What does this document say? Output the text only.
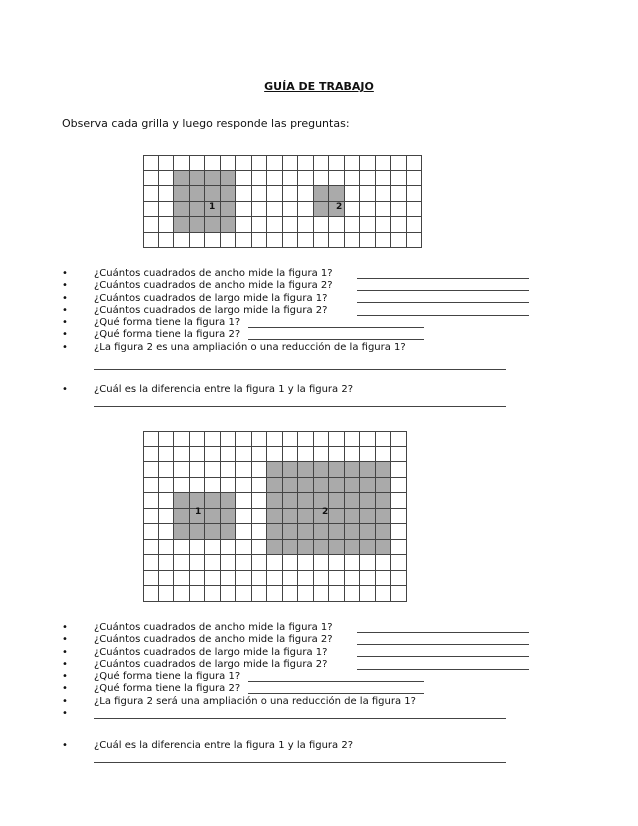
GUÍA DE TRABAJO
Observa cada grilla y luego responde las preguntas:
1	2
• ¿Cuántos cuadrados de ancho mide la figura 1?
• ¿Cuántos cuadrados de ancho mide la figura 2?
• ¿Cuántos cuadrados de largo mide la figura 1?
• ¿Cuántos cuadrados de largo mide la figura 2?
• ¿Qué forma tiene la figura 1?
• ¿Qué forma tiene la figura 2?
• ¿La figura 2 es una ampliación o una reducción de la figura 1?
• ¿Cuál es la diferencia entre la figura 1 y la figura 2?
1	2
• ¿Cuántos cuadrados de ancho mide la figura 1?
• ¿Cuántos cuadrados de ancho mide la figura 2?
• ¿Cuántos cuadrados de largo mide la figura 1?
• ¿Cuántos cuadrados de largo mide la figura 2?
• ¿Qué forma tiene la figura 1?
• ¿Qué forma tiene la figura 2?
• ¿La figura 2 será una ampliación o una reducción de la figura 1?
•
• ¿Cuál es la diferencia entre la figura 1 y la figura 2?
